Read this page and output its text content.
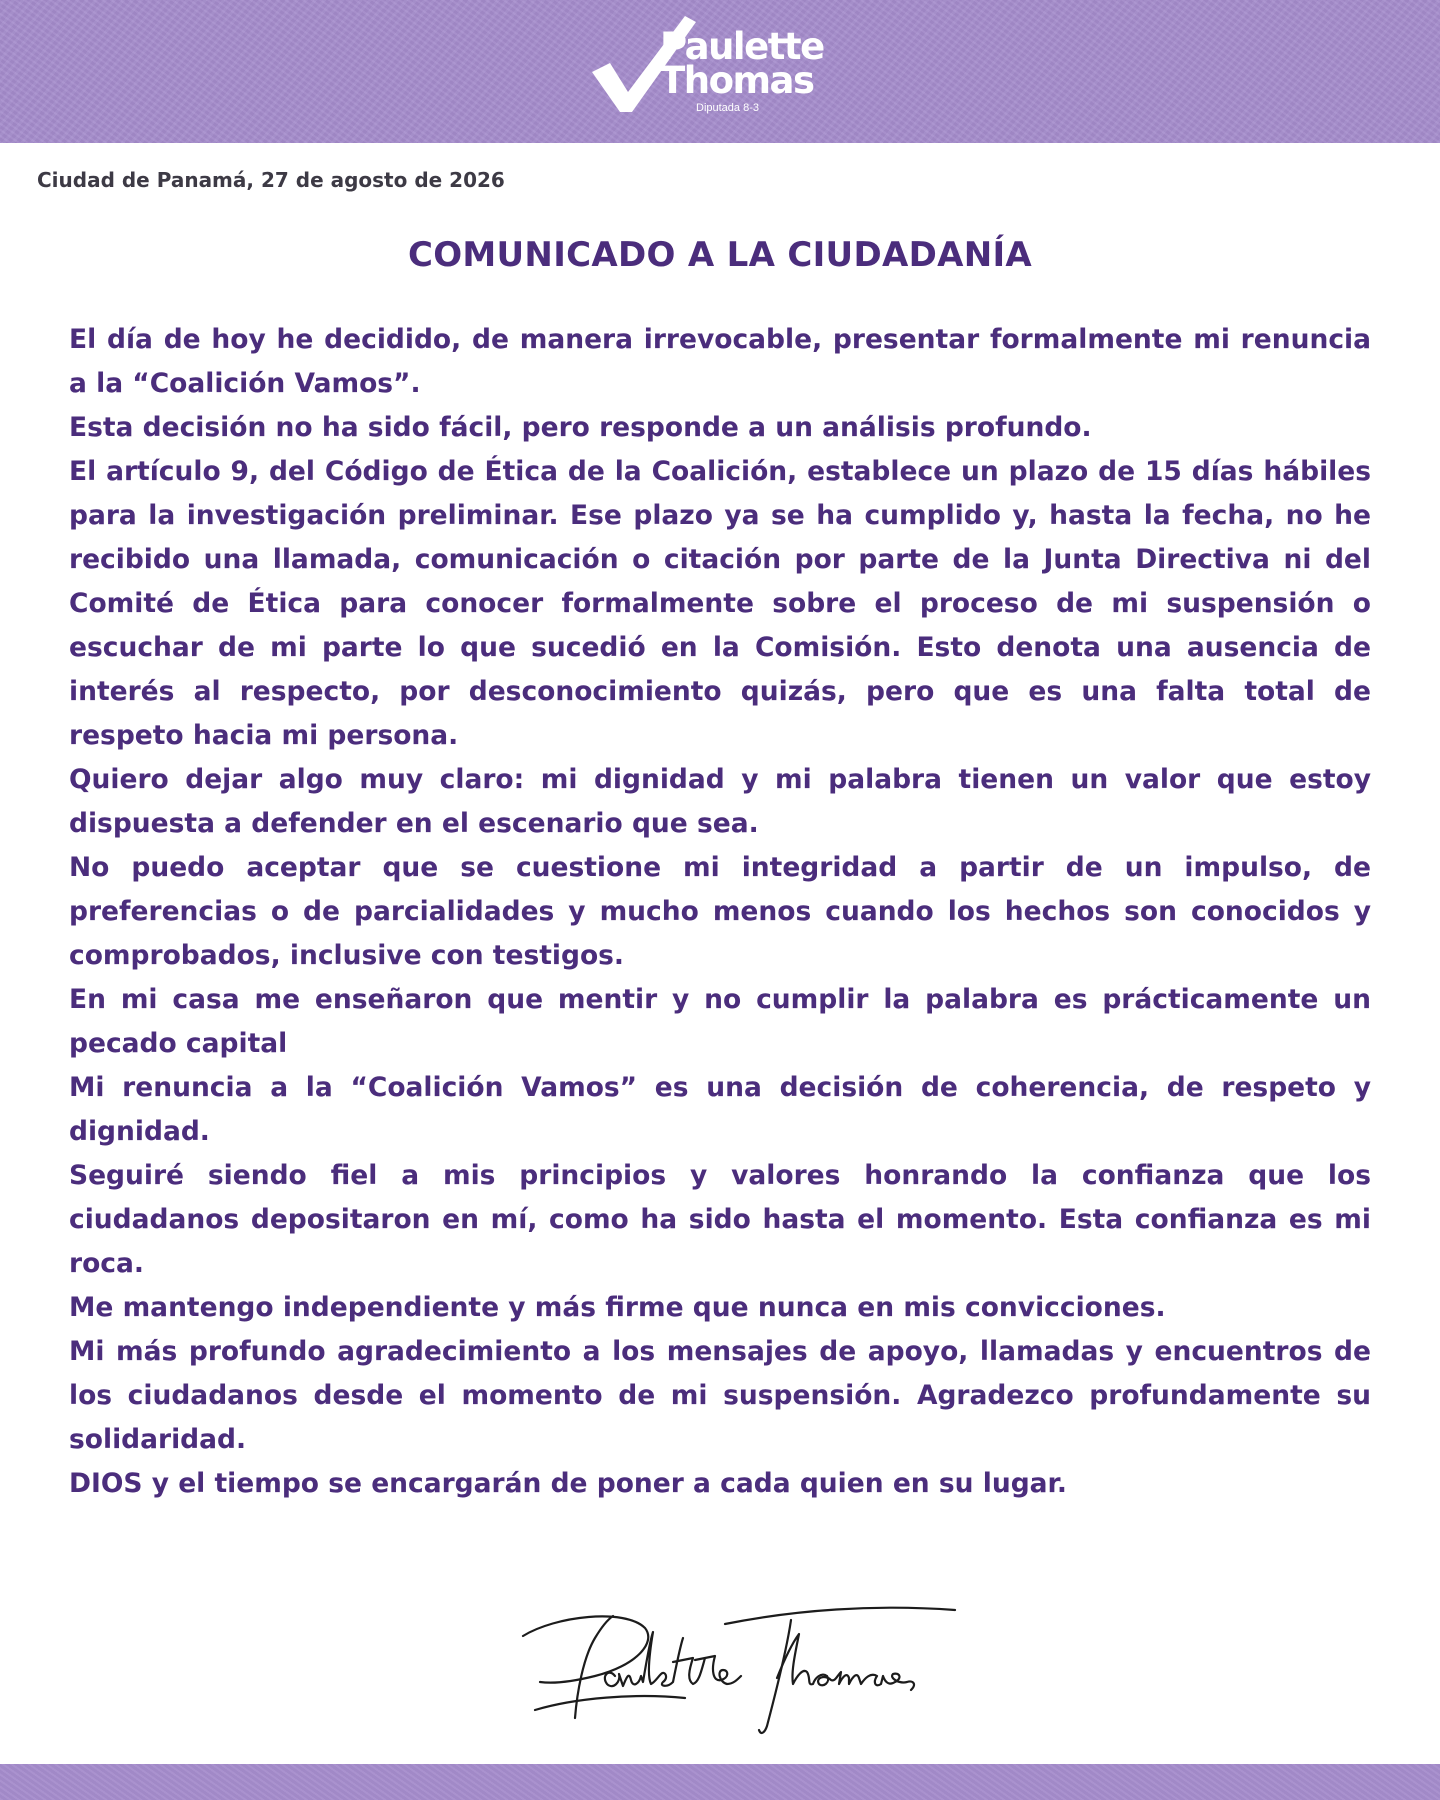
Paulette
Thomas
Diputada 8-3

Ciudad de Panamá, 27 de agosto de 2026

COMUNICADO A LA CIUDADANÍA

El día de hoy he decidido, de manera irrevocable, presentar formalmente mi renuncia a la “Coalición Vamos”.

Esta decisión no ha sido fácil, pero responde a un análisis profundo.

El artículo 9, del Código de Ética de la Coalición, establece un plazo de 15 días hábiles para la investigación preliminar. Ese plazo ya se ha cumplido y, hasta la fecha, no he recibido una llamada, comunicación o citación por parte de la Junta Directiva ni del Comité de Ética para conocer formalmente sobre el proceso de mi suspensión o escuchar de mi parte lo que sucedió en la Comisión. Esto denota una ausencia de interés al respecto, por desconocimiento quizás, pero que es una falta total de respeto hacia mi persona.

Quiero dejar algo muy claro: mi dignidad y mi palabra tienen un valor que estoy dispuesta a defender en el escenario que sea.

No puedo aceptar que se cuestione mi integridad a partir de un impulso, de preferencias o de parcialidades y mucho menos cuando los hechos son conocidos y comprobados, inclusive con testigos.

En mi casa me enseñaron que mentir y no cumplir la palabra es prácticamente un pecado capital

Mi renuncia a la “Coalición Vamos” es una decisión de coherencia, de respeto y dignidad.

Seguiré siendo fiel a mis principios y valores honrando la confianza que los ciudadanos depositaron en mí, como ha sido hasta el momento. Esta confianza es mi roca.

Me mantengo independiente y más firme que nunca en mis convicciones.

Mi más profundo agradecimiento a los mensajes de apoyo, llamadas y encuentros de los ciudadanos desde el momento de mi suspensión. Agradezco profundamente su solidaridad.

DIOS y el tiempo se encargarán de poner a cada quien en su lugar.
